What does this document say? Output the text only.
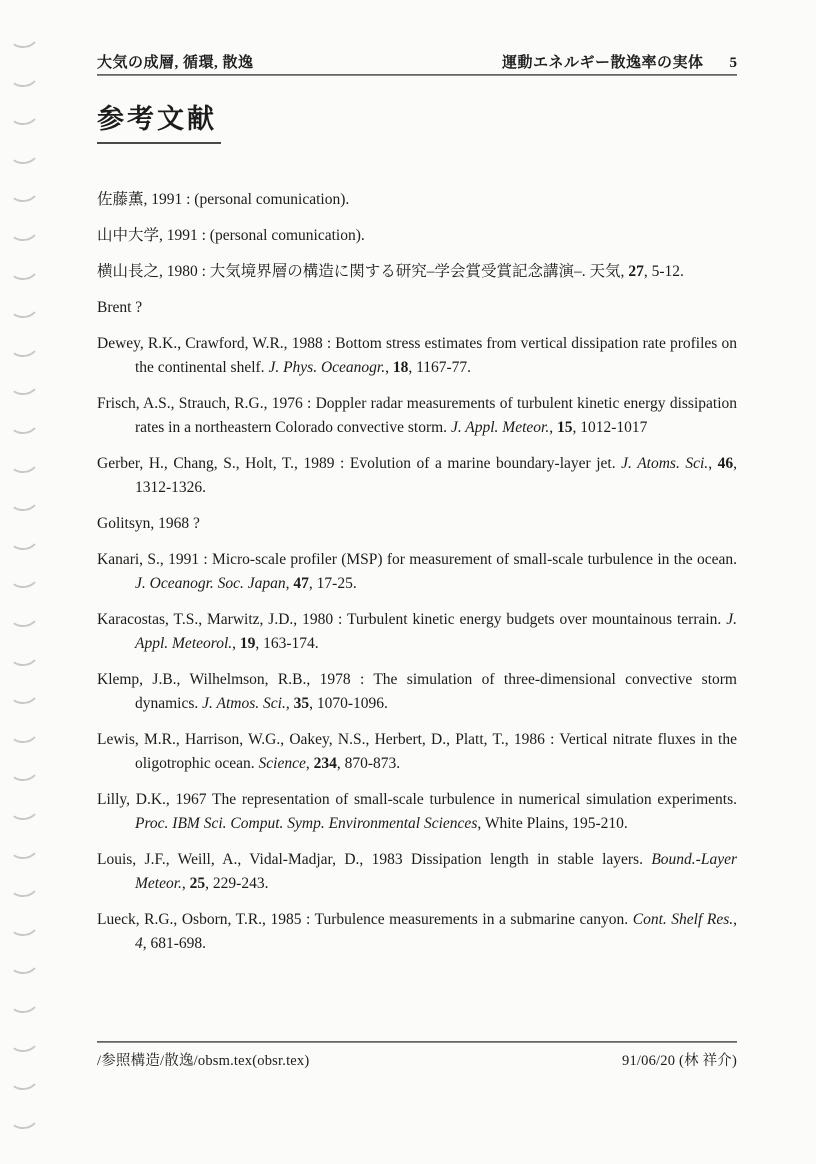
大気の成層, 循環, 散逸	運動エネルギー散逸率の実体 5
参考文献

佐藤薫, 1991 : (personal comunication).

山中大学, 1991 : (personal comunication).

横山長之, 1980 : 大気境界層の構造に関する研究–学会賞受賞記念講演–. 天気, 27, 5-12.

Brent ?

Dewey, R.K., Crawford, W.R., 1988 : Bottom stress estimates from vertical dissipation rate profiles on the continental shelf. J. Phys. Oceanogr., 18, 1167-77.

Frisch, A.S., Strauch, R.G., 1976 : Doppler radar measurements of turbulent kinetic energy dissipation rates in a northeastern Colorado convective storm. J. Appl. Meteor., 15, 1012-1017

Gerber, H., Chang, S., Holt, T., 1989 : Evolution of a marine boundary-layer jet. J. Atoms. Sci., 46, 1312-1326.

Golitsyn, 1968 ?

Kanari, S., 1991 : Micro-scale profiler (MSP) for measurement of small-scale turbulence in the ocean. J. Oceanogr. Soc. Japan, 47, 17-25.

Karacostas, T.S., Marwitz, J.D., 1980 : Turbulent kinetic energy budgets over mountainous terrain. J. Appl. Meteorol., 19, 163-174.

Klemp, J.B., Wilhelmson, R.B., 1978 : The simulation of three-dimensional convective storm dynamics. J. Atmos. Sci., 35, 1070-1096.

Lewis, M.R., Harrison, W.G., Oakey, N.S., Herbert, D., Platt, T., 1986 : Vertical nitrate fluxes in the oligotrophic ocean. Science, 234, 870-873.

Lilly, D.K., 1967 The representation of small-scale turbulence in numerical simulation experiments. Proc. IBM Sci. Comput. Symp. Environmental Sciences, White Plains, 195-210.

Louis, J.F., Weill, A., Vidal-Madjar, D., 1983 Dissipation length in stable layers. Bound.-Layer Meteor., 25, 229-243.

Lueck, R.G., Osborn, T.R., 1985 : Turbulence measurements in a submarine canyon. Cont. Shelf Res., 4, 681-698.

/参照構造/散逸/obsm.tex(obsr.tex)	91/06/20 (林 祥介)
